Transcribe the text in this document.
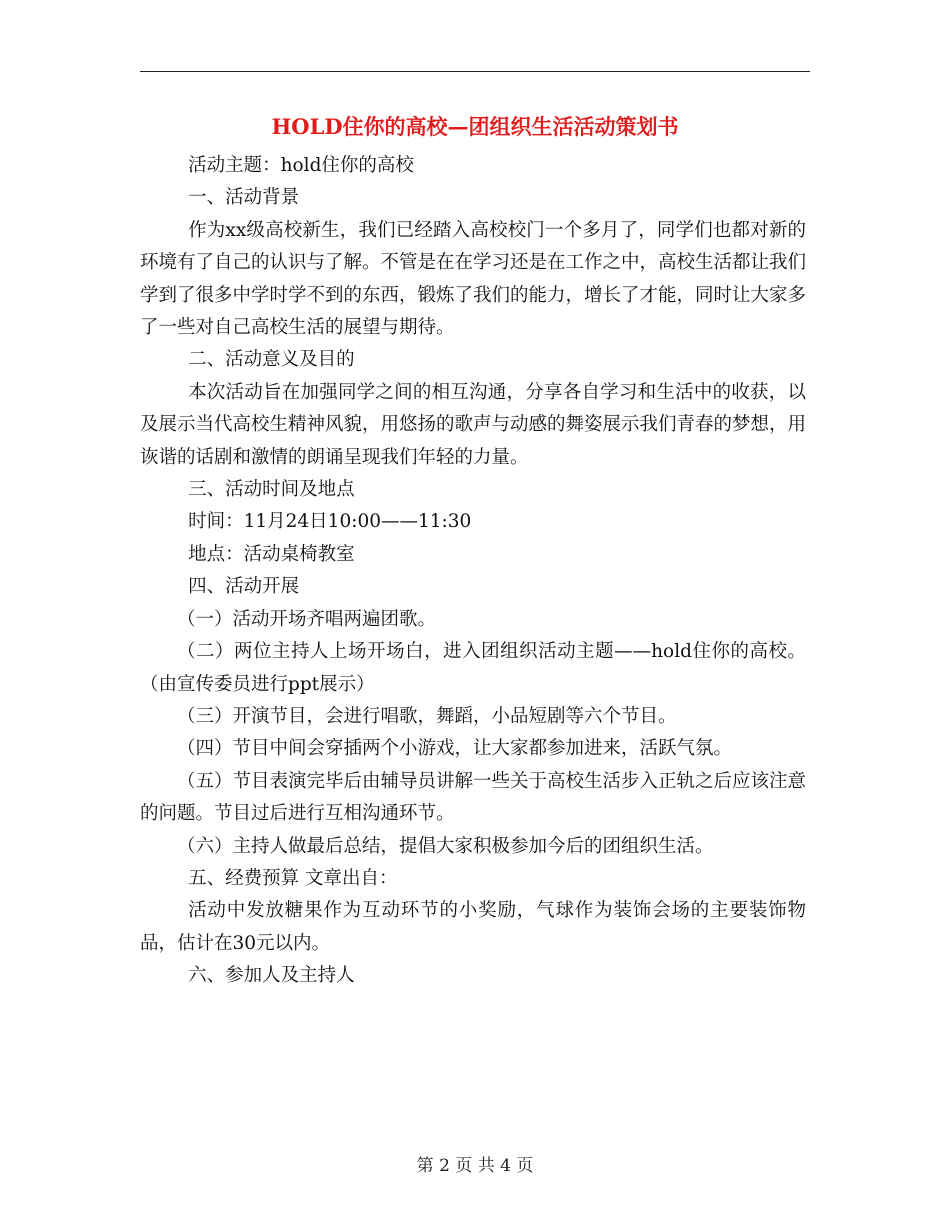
HOLD住你的高校—团组织生活活动策划书

活动主题：hold住你的高校

一、活动背景

作为xx级高校新生，我们已经踏入高校校门一个多月了，同学们也都对新的环境有了自己的认识与了解。不管是在在学习还是在工作之中，高校生活都让我们学到了很多中学时学不到的东西，锻炼了我们的能力，增长了才能，同时让大家多了一些对自己高校生活的展望与期待。

二、活动意义及目的

本次活动旨在加强同学之间的相互沟通，分享各自学习和生活中的收获，以及展示当代高校生精神风貌，用悠扬的歌声与动感的舞姿展示我们青春的梦想，用诙谐的话剧和激情的朗诵呈现我们年轻的力量。

三、活动时间及地点

时间：11月24日10:00——11:30

地点：活动桌椅教室

四、活动开展

（一）活动开场齐唱两遍团歌。

（二）两位主持人上场开场白，进入团组织活动主题——hold住你的高校。（由宣传委员进行ppt展示）

（三）开演节目，会进行唱歌，舞蹈，小品短剧等六个节目。

（四）节目中间会穿插两个小游戏，让大家都参加进来，活跃气氛。

（五）节目表演完毕后由辅导员讲解一些关于高校生活步入正轨之后应该注意的问题。节目过后进行互相沟通环节。

（六）主持人做最后总结，提倡大家积极参加今后的团组织生活。

五、经费预算 文章出自：

活动中发放糖果作为互动环节的小奖励，气球作为装饰会场的主要装饰物品，估计在30元以内。

六、参加人及主持人

第 2 页 共 4 页
